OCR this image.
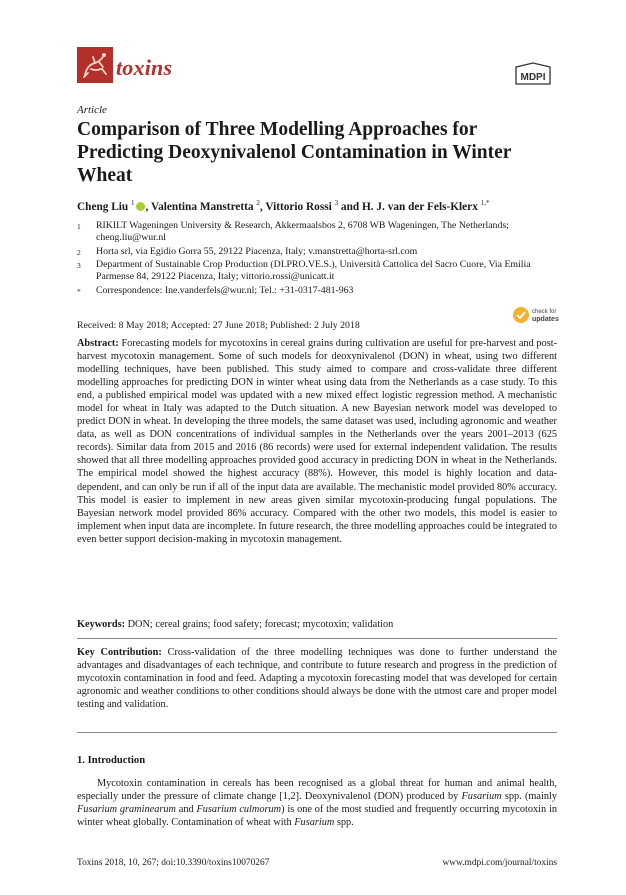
toxins	MDPI
Article
Comparison of Three Modelling Approaches for Predicting Deoxynivalenol Contamination in Winter Wheat
Cheng Liu $^1$ , Valentina Manstretta $^2$, Vittorio Rossi $^3$ and H. J. van der Fels-Klerx $^{1,*}$
1 RIKILT Wageningen University & Research, Akkermaalsbos 2, 6708 WB Wageningen, The Netherlands; cheng.liu@wur.nl
2 Horta srl, via Egidio Gorra 55, 29122 Piacenza, Italy; v.manstretta@horta-srl.com
3 Department of Sustainable Crop Production (DI.PRO.VE.S.), Università Cattolica del Sacro Cuore, Via Emilia Parmense 84, 29122 Piacenza, Italy; vittorio.rossi@unicatt.it
* Correspondence: Ine.vanderfels@wur.nl; Tel.: +31-0317-481-963
check for
updates
Received: 8 May 2018; Accepted: 27 June 2018; Published: 2 July 2018
Abstract: Forecasting models for mycotoxins in cereal grains during cultivation are useful for pre-harvest and post-harvest mycotoxin management. Some of such models for deoxynivalenol (DON) in wheat, using two different modelling techniques, have been published. This study aimed to compare and cross-validate three different modelling approaches for predicting DON in winter wheat using data from the Netherlands as a case study. To this end, a published empirical model was updated with a new mixed effect logistic regression method. A mechanistic model for wheat in Italy was adapted to the Dutch situation. A new Bayesian network model was developed to predict DON in wheat. In developing the three models, the same dataset was used, including agronomic and weather data, as well as DON concentrations of individual samples in the Netherlands over the years 2001–2013 (625 records). Similar data from 2015 and 2016 (86 records) were used for external independent validation. The results showed that all three modelling approaches provided good accuracy in predicting DON in wheat in the Netherlands. The empirical model showed the highest accuracy (88%). However, this model is highly location and data-dependent, and can only be run if all of the input data are available. The mechanistic model provided 80% accuracy. This model is easier to implement in new areas given similar mycotoxin-producing fungal populations. The Bayesian network model provided 86% accuracy. Compared with the other two models, this model is easier to implement when input data are incomplete. In future research, the three modelling approaches could be integrated to even better support decision-making in mycotoxin management.
Keywords: DON; cereal grains; food safety; forecast; mycotoxin; validation
Key Contribution: Cross-validation of the three modelling techniques was done to further understand the advantages and disadvantages of each technique, and contribute to future research and progress in the prediction of mycotoxin contamination in food and feed. Adapting a mycotoxin forecasting model that was developed for certain agronomic and weather conditions to other conditions should always be done with the utmost care and proper model testing and validation.
1. Introduction
Mycotoxin contamination in cereals has been recognised as a global threat for human and animal health, especially under the pressure of climate change [1,2]. Deoxynivalenol (DON) produced by Fusarium spp. (mainly Fusarium graminearum and Fusarium culmorum) is one of the most studied and frequently occurring mycotoxin in winter wheat globally. Contamination of wheat with Fusarium spp.
Toxins 2018, 10, 267; doi:10.3390/toxins10070267	www.mdpi.com/journal/toxins
